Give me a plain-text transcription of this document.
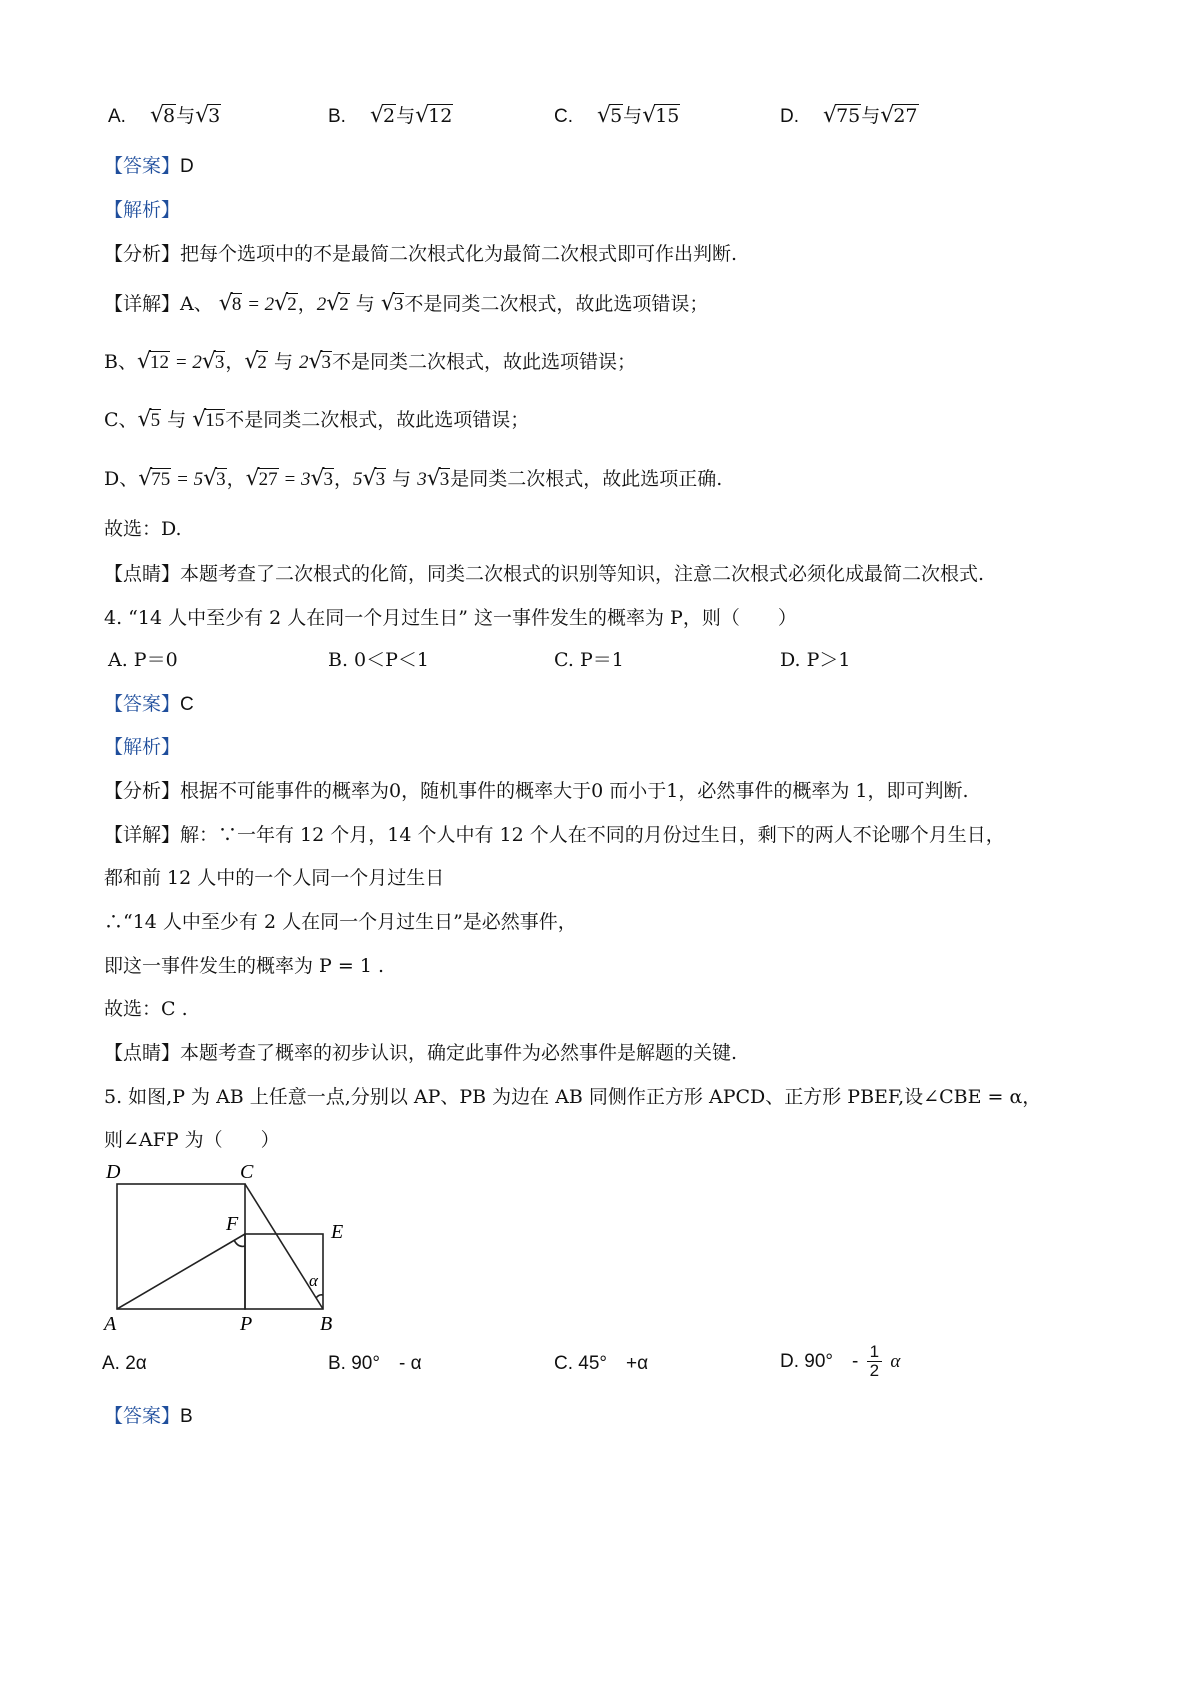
A. √8与√3	B. √2与√12	C. √5与√15	D. √75与√27
【答案】D
【解析】
【分析】把每个选项中的不是最简二次根式化为最简二次根式即可作出判断.
【详解】A、 √8 = 2√2，2√2 与 √3不是同类二次根式，故此选项错误；
B、√12 = 2√3，√2 与 2√3不是同类二次根式，故此选项错误；
C、√5 与 √15不是同类二次根式，故此选项错误；
D、√75 = 5√3，√27 = 3√3，5√3 与 3√3是同类二次根式，故此选项正确.
故选：D.
【点睛】本题考查了二次根式的化简，同类二次根式的识别等知识，注意二次根式必须化成最简二次根式.
4. “14 人中至少有 2 人在同一个月过生日” 这一事件发生的概率为 P，则（　　）
A. P＝0	B. 0＜P＜1	C. P＝1	D. P＞1
【答案】C
【解析】
【分析】根据不可能事件的概率为0，随机事件的概率大于0 而小于1，必然事件的概率为 1，即可判断.
【详解】解：∵一年有 12 个月，14 个人中有 12 个人在不同的月份过生日，剩下的两人不论哪个月生日，
都和前 12 人中的一个人同一个月过生日
∴“14 人中至少有 2 人在同一个月过生日”是必然事件，
即这一事件发生的概率为 P = 1 .
故选：C .
【点睛】本题考查了概率的初步认识，确定此事件为必然事件是解题的关键.
5. 如图,P 为 AB 上任意一点,分别以 AP、PB 为边在 AB 同侧作正方形 APCD、正方形 PBEF,设∠CBE = α，
则∠AFP 为（　　）
D	C
F	E
A	P	B
α
A. 2α	B. 90°　- α	C. 45°　+α	D. 90°　- $\frac{1}{2}$ α
【答案】B
